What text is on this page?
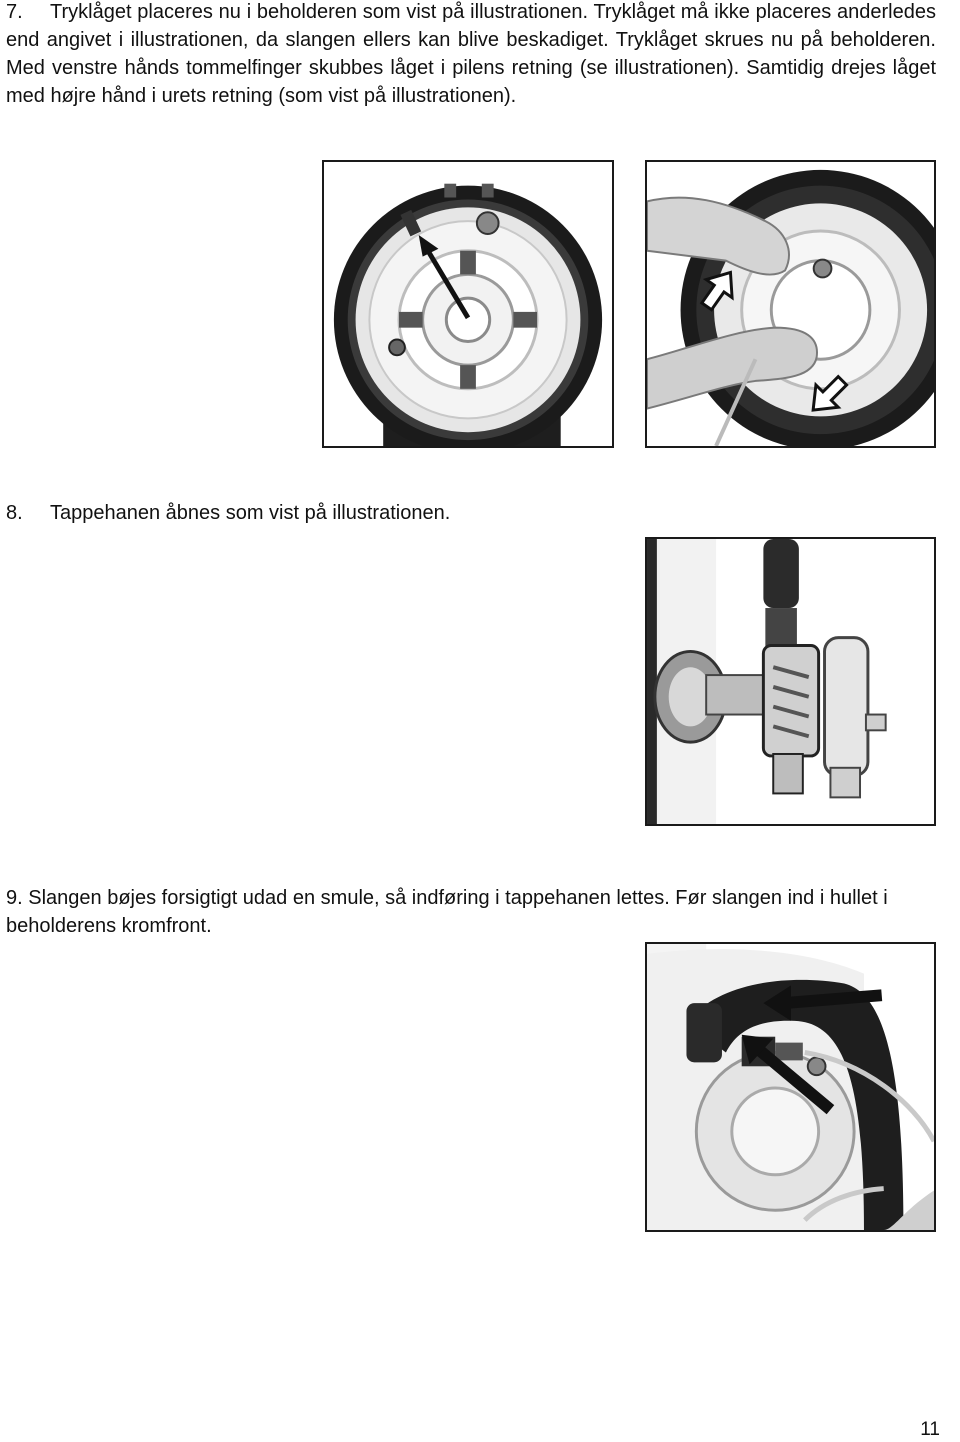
7. Tryklåget placeres nu i beholderen som vist på illustrationen. Tryklåget må ikke placeres anderledes end angivet i illustrationen, da slangen ellers kan blive beskadiget. Tryklåget skrues nu på beholderen. Med venstre hånds tommelfinger skubbes låget i pilens retning (se illustrationen). Samtidig drejes låget med højre hånd i urets retning (som vist på illustrationen).

8. Tappehanen åbnes som vist på illustrationen.

9. Slangen bøjes forsigtigt udad en smule, så indføring i tappehanen lettes. Før slangen ind i hullet i beholderens kromfront.

11
